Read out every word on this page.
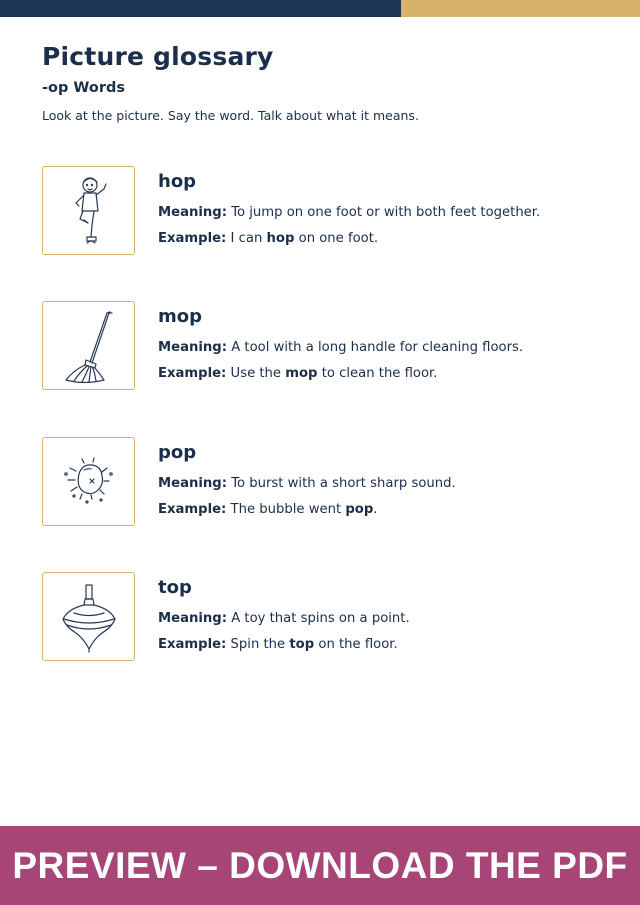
Picture glossary
-op Words
Look at the picture. Say the word. Talk about what it means.
hop
Meaning: To jump on one foot or with both feet together.
Example: I can hop on one foot.
mop
Meaning: A tool with a long handle for cleaning floors.
Example: Use the mop to clean the floor.
pop
Meaning: To burst with a short sharp sound.
Example: The bubble went pop.
top
Meaning: A toy that spins on a point.
Example: Spin the top on the floor.
PREVIEW – DOWNLOAD THE PDF
